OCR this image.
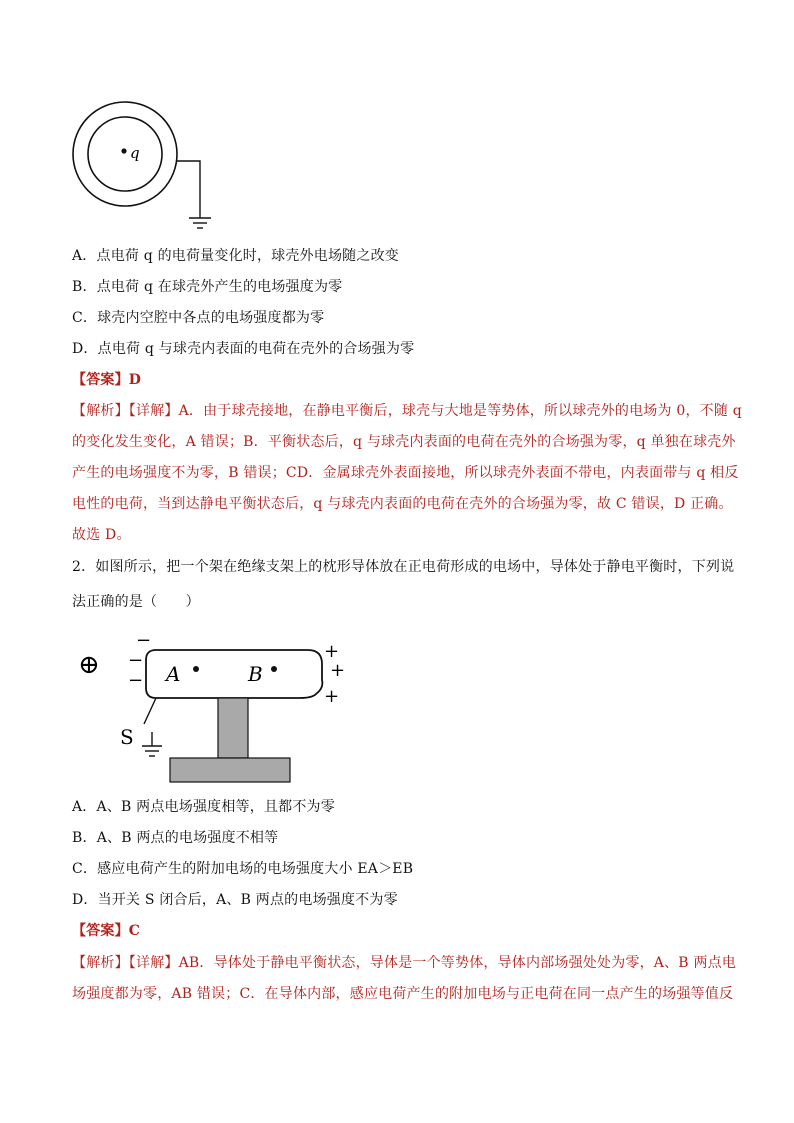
q
A．点电荷 q 的电荷量变化时，球壳外电场随之改变
B．点电荷 q 在球壳外产生的电场强度为零
C．球壳内空腔中各点的电场强度都为零
D．点电荷 q 与球壳内表面的电荷在壳外的合场强为零
【答案】D
【解析】【详解】A．由于球壳接地，在静电平衡后，球壳与大地是等势体，所以球壳外的电场为 0，不随 q
的变化发生变化，A 错误；B．平衡状态后，q 与球壳内表面的电荷在壳外的合场强为零，q 单独在球壳外
产生的电场强度不为零，B 错误；CD．金属球壳外表面接地，所以球壳外表面不带电，内表面带与 q 相反
电性的电荷，当到达静电平衡状态后，q 与球壳内表面的电荷在壳外的合场强为零，故 C 错误，D 正确。
故选 D。
2．如图所示，把一个架在绝缘支架上的枕形导体放在正电荷形成的电场中，导体处于静电平衡时，下列说
法正确的是（　　）
⊕
−
−
−
+
+
+
A	B
S
A．A、B 两点电场强度相等，且都不为零
B．A、B 两点的电场强度不相等
C．感应电荷产生的附加电场的电场强度大小 EA＞EB
D．当开关 S 闭合后，A、B 两点的电场强度不为零
【答案】C
【解析】【详解】AB．导体处于静电平衡状态，导体是一个等势体，导体内部场强处处为零，A、B 两点电
场强度都为零，AB 错误；C．在导体内部，感应电荷产生的附加电场与正电荷在同一点产生的场强等值反
